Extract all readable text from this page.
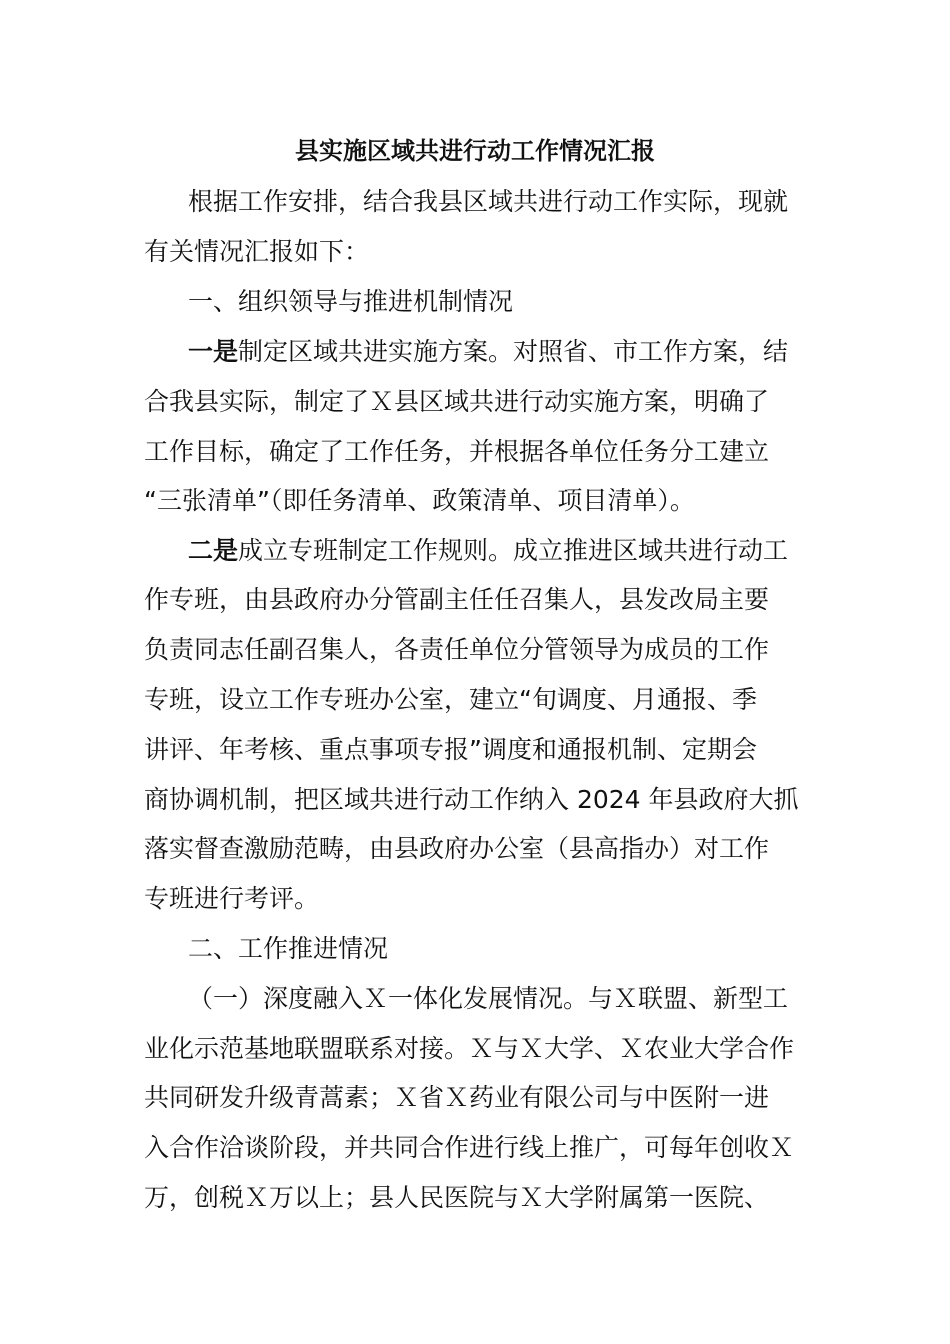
县实施区域共进行动工作情况汇报
根据工作安排，结合我县区域共进行动工作实际，现就
有关情况汇报如下：
一、组织领导与推进机制情况
一是制定区域共进实施方案。对照省、市工作方案，结
合我县实际，制定了Ｘ县区域共进行动实施方案，明确了
工作目标，确定了工作任务，并根据各单位任务分工建立
“三张清单”（即任务清单、政策清单、项目清单）。
二是成立专班制定工作规则。成立推进区域共进行动工
作专班，由县政府办分管副主任任召集人，县发改局主要
负责同志任副召集人，各责任单位分管领导为成员的工作
专班，设立工作专班办公室，建立“旬调度、月通报、季
讲评、年考核、重点事项专报”调度和通报机制、定期会
商协调机制，把区域共进行动工作纳入 2024 年县政府大抓
落实督查激励范畴，由县政府办公室（县高指办）对工作
专班进行考评。
二、工作推进情况
（一）深度融入Ｘ一体化发展情况。与Ｘ联盟、新型工
业化示范基地联盟联系对接。Ｘ与Ｘ大学、Ｘ农业大学合作
共同研发升级青蒿素；Ｘ省Ｘ药业有限公司与中医附一进
入合作洽谈阶段，并共同合作进行线上推广，可每年创收Ｘ
万，创税Ｘ万以上；县人民医院与Ｘ大学附属第一医院、
